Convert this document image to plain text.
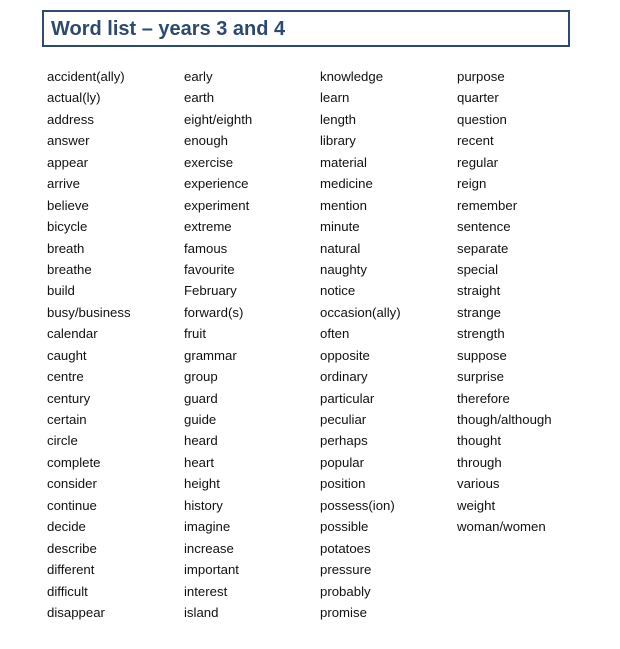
Word list – years 3 and 4
accident(ally)
actual(ly)
address
answer
appear
arrive
believe
bicycle
breath
breathe
build
busy/business
calendar
caught
centre
century
certain
circle
complete
consider
continue
decide
describe
different
difficult
disappear
early
earth
eight/eighth
enough
exercise
experience
experiment
extreme
famous
favourite
February
forward(s)
fruit
grammar
group
guard
guide
heard
heart
height
history
imagine
increase
important
interest
island
knowledge
learn
length
library
material
medicine
mention
minute
natural
naughty
notice
occasion(ally)
often
opposite
ordinary
particular
peculiar
perhaps
popular
position
possess(ion)
possible
potatoes
pressure
probably
promise
purpose
quarter
question
recent
regular
reign
remember
sentence
separate
special
straight
strange
strength
suppose
surprise
therefore
though/although
thought
through
various
weight
woman/women
